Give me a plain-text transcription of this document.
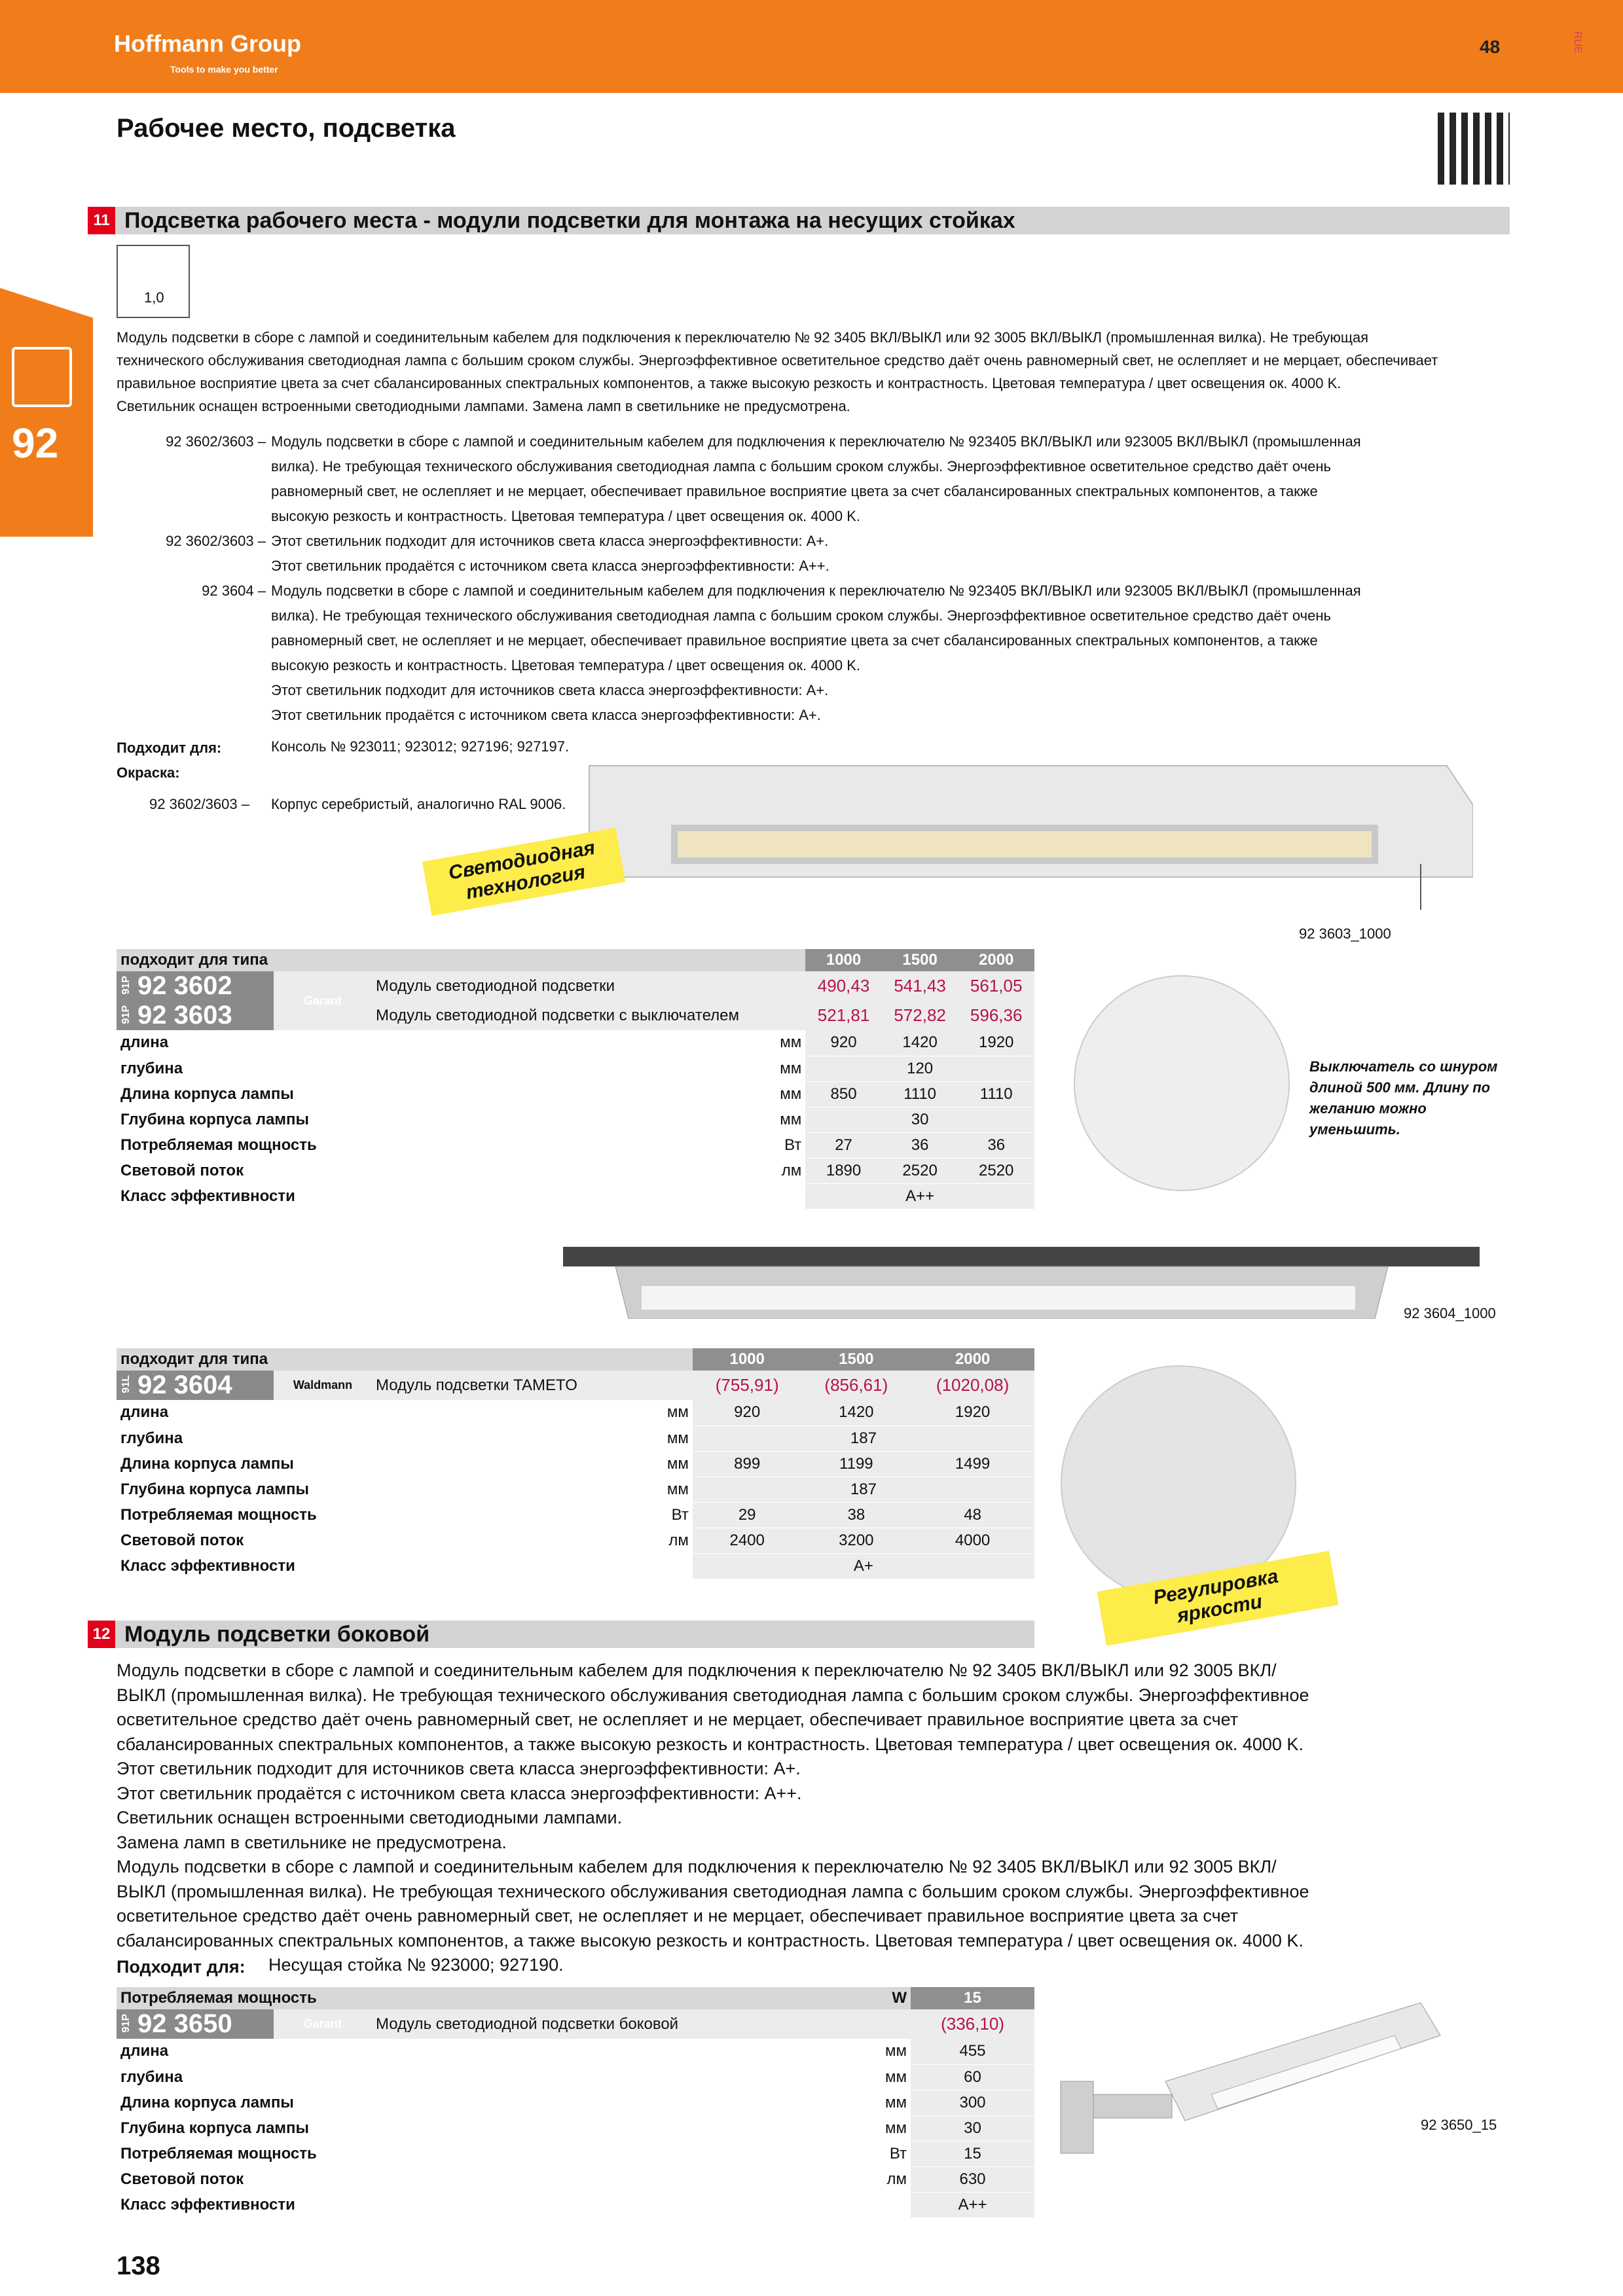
Hoffmann Group
Tools to make you better
48	RUE
Рабочее место, подсветка
92
11 Подсветка рабочего места - модули подсветки для монтажа на несущих стойках
1,0
Модуль подсветки в сборе с лампой и соединительным кабелем для подключения к переключателю № 92 3405 ВКЛ/ВЫКЛ или 92 3005 ВКЛ/ВЫКЛ (промышленная вилка). Не требующая
технического обслуживания светодиодная лампа с большим сроком службы. Энергоэффективное осветительное средство даёт очень равномерный свет, не ослепляет и не мерцает, обеспечивает
правильное восприятие цвета за счет сбалансированных спектральных компонентов, а также высокую резкость и контрастность. Цветовая температура / цвет освещения ок. 4000 K.
Светильник оснащен встроенными светодиодными лампами. Замена ламп в светильнике не предусмотрена.
92 3602/3603 – Модуль подсветки в сборе с лампой и соединительным кабелем для подключения к переключателю № 923405 ВКЛ/ВЫКЛ или 923005 ВКЛ/ВЫКЛ (промышленная
вилка). Не требующая технического обслуживания светодиодная лампа с большим сроком службы. Энергоэффективное осветительное средство даёт очень
равномерный свет, не ослепляет и не мерцает, обеспечивает правильное восприятие цвета за счет сбалансированных спектральных компонентов, а также
высокую резкость и контрастность. Цветовая температура / цвет освещения ок. 4000 K.
92 3602/3603 – Этот светильник подходит для источников света класса энергоэффективности: A+.
Этот светильник продаётся с источником света класса энергоэффективности: A++.
92 3604 – Модуль подсветки в сборе с лампой и соединительным кабелем для подключения к переключателю № 923405 ВКЛ/ВЫКЛ или 923005 ВКЛ/ВЫКЛ (промышленная
вилка). Не требующая технического обслуживания светодиодная лампа с большим сроком службы. Энергоэффективное осветительное средство даёт очень
равномерный свет, не ослепляет и не мерцает, обеспечивает правильное восприятие цвета за счет сбалансированных спектральных компонентов, а также
высокую резкость и контрастность. Цветовая температура / цвет освещения ок. 4000 K.
Этот светильник подходит для источников света класса энергоэффективности: A+.
Этот светильник продаётся с источником света класса энергоэффективности: A+.
Подходит для:	Консоль № 923011; 923012; 927196; 927197.
Окраска:
92 3602/3603 – Корпус серебристый, аналогично RAL 9006.
Светодиодная технология
92 3603_1000
подходит для типа			1000	1500	2000
91P 92 3602	Garant	Модуль светодиодной подсветки	490,43	541,43	561,05
91P 92 3603		Модуль светодиодной подсветки с выключателем	521,81	572,82	596,36
длина		мм	920	1420	1920
глубина		мм	120		
Длина корпуса лампы		мм	850	1110	1110
Глубина корпуса лампы		мм	30		
Потребляемая мощность		Вт	27	36	36
Световой поток		лм	1890	2520	2520
Класс эффективности			A++		
Выключатель со шнуром
длиной 500 мм. Длину по
желанию можно
уменьшить.
92 3604_1000
подходит для типа			1000	1500	2000
91L 92 3604	Waldmann	Модуль подсветки TAMETO	(755,91)	(856,61)	(1020,08)
длина		мм	920	1420	1920
глубина		мм	187		
Длина корпуса лампы		мм	899	1199	1499
Глубина корпуса лампы		мм	187		
Потребляемая мощность		Вт	29	38	48
Световой поток		лм	2400	3200	4000
Класс эффективности			A+			Регулировка яркости
12 Модуль подсветки боковой
Модуль подсветки в сборе с лампой и соединительным кабелем для подключения к переключателю № 92 3405 ВКЛ/ВЫКЛ или 92 3005 ВКЛ/
ВЫКЛ (промышленная вилка). Не требующая технического обслуживания светодиодная лампа с большим сроком службы. Энергоэффективное
осветительное средство даёт очень равномерный свет, не ослепляет и не мерцает, обеспечивает правильное восприятие цвета за счет
сбалансированных спектральных компонентов, а также высокую резкость и контрастность. Цветовая температура / цвет освещения ок. 4000 K.
Этот светильник подходит для источников света класса энергоэффективности: A+.
Этот светильник продаётся с источником света класса энергоэффективности: A++.
Светильник оснащен встроенными светодиодными лампами.
Замена ламп в светильнике не предусмотрена.
Модуль подсветки в сборе с лампой и соединительным кабелем для подключения к переключателю № 92 3405 ВКЛ/ВЫКЛ или 92 3005 ВКЛ/
ВЫКЛ (промышленная вилка). Не требующая технического обслуживания светодиодная лампа с большим сроком службы. Энергоэффективное
осветительное средство даёт очень равномерный свет, не ослепляет и не мерцает, обеспечивает правильное восприятие цвета за счет
сбалансированных спектральных компонентов, а также высокую резкость и контрастность. Цветовая температура / цвет освещения ок. 4000 K.
Подходит для: Несущая стойка № 923000; 927190.
Потребляемая мощность		W	15
91P 92 3650	Garant	Модуль светодиодной подсветки боковой	(336,10)
длина		мм	455
глубина		мм	60
Длина корпуса лампы		мм	300
Глубина корпуса лампы		мм	30
Потребляемая мощность		Вт	15
Световой поток		лм	630
Класс эффективности			A++
92 3650_15
138
